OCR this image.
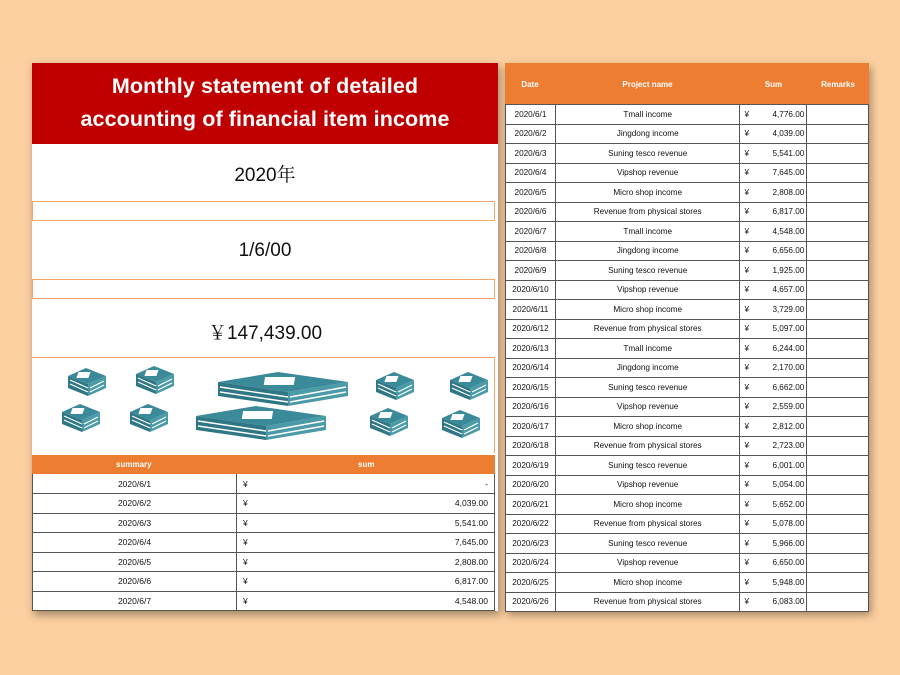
Monthly statement of detailed
accounting of financial item income
2020年
1/6/00
￥147,439.00
summary	sum
2020/6/1	¥	-
2020/6/2	¥	4,039.00
2020/6/3	¥	5,541.00
2020/6/4	¥	7,645.00
2020/6/5	¥	2,808.00
2020/6/6	¥	6,817.00
2020/6/7	¥	4,548.00
Date	Project name	Sum	Remarks
2020/6/1	Tmall income	¥	4,776.00	
2020/6/2	Jingdong income	¥	4,039.00	
2020/6/3	Suning tesco revenue	¥	5,541.00	
2020/6/4	Vipshop revenue	¥	7,645.00	
2020/6/5	Micro shop income	¥	2,808.00	
2020/6/6	Revenue from physical stores	¥	6,817.00	
2020/6/7	Tmall income	¥	4,548.00	
2020/6/8	Jingdong income	¥	6,656.00	
2020/6/9	Suning tesco revenue	¥	1,925.00	
2020/6/10	Vipshop revenue	¥	4,657.00	
2020/6/11	Micro shop income	¥	3,729.00	
2020/6/12	Revenue from physical stores	¥	5,097.00	
2020/6/13	Tmall income	¥	6,244.00	
2020/6/14	Jingdong income	¥	2,170.00	
2020/6/15	Suning tesco revenue	¥	6,662.00	
2020/6/16	Vipshop revenue	¥	2,559.00	
2020/6/17	Micro shop income	¥	2,812.00	
2020/6/18	Revenue from physical stores	¥	2,723.00	
2020/6/19	Suning tesco revenue	¥	6,001.00	
2020/6/20	Vipshop revenue	¥	5,054.00	
2020/6/21	Micro shop income	¥	5,652.00	
2020/6/22	Revenue from physical stores	¥	5,078.00	
2020/6/23	Suning tesco revenue	¥	5,966.00	
2020/6/24	Vipshop revenue	¥	6,650.00	
2020/6/25	Micro shop income	¥	5,948.00	
2020/6/26	Revenue from physical stores	¥	6,083.00	
